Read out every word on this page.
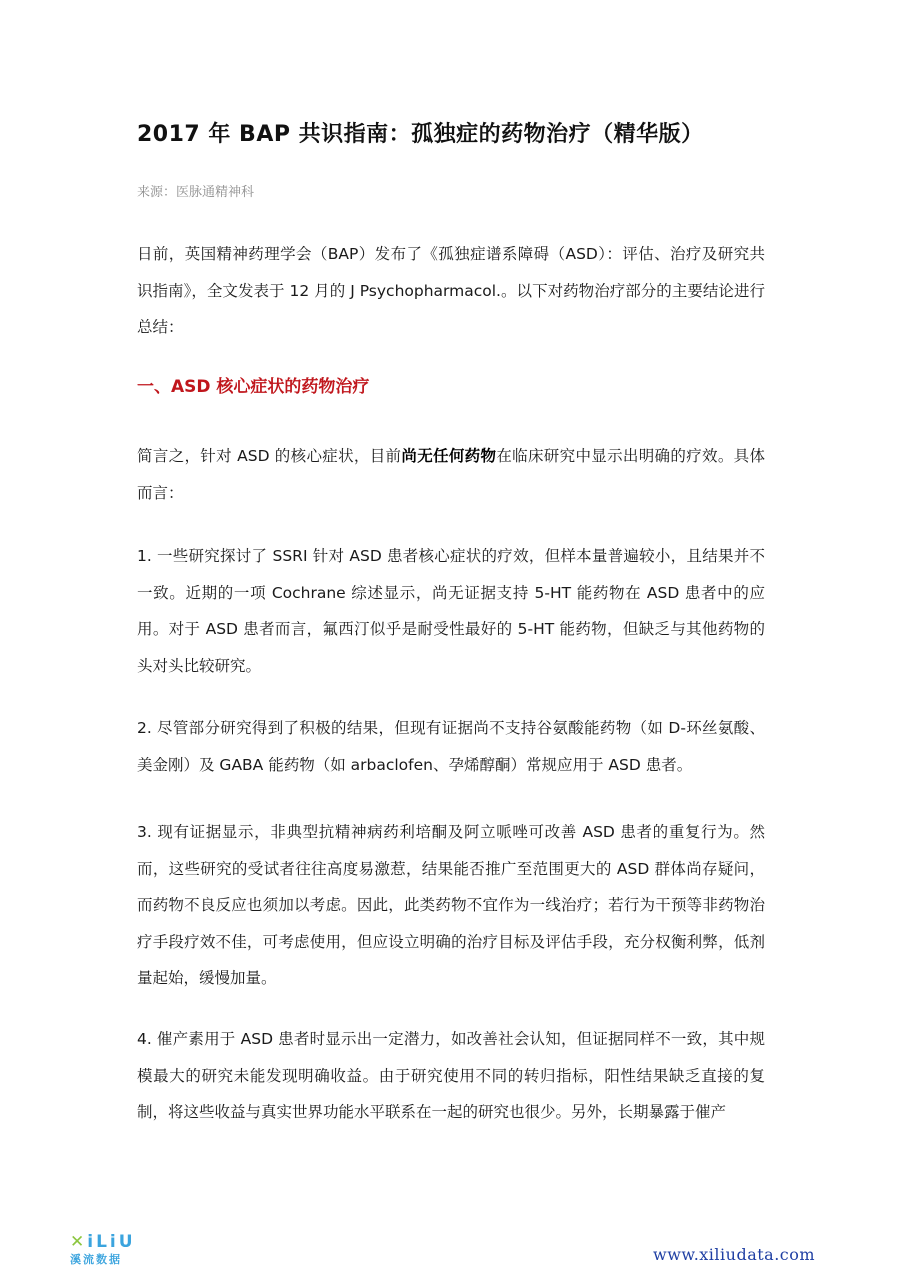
2017 年 BAP 共识指南：孤独症的药物治疗（精华版）
来源：医脉通精神科

日前，英国精神药理学会（BAP）发布了《孤独症谱系障碍（ASD）：评估、治疗及研究共识指南》，全文发表于 12 月的 J Psychopharmacol.。以下对药物治疗部分的主要结论进行总结：

一、ASD 核心症状的药物治疗

简言之，针对 ASD 的核心症状，目前尚无任何药物在临床研究中显示出明确的疗效。具体而言：

1. 一些研究探讨了 SSRI 针对 ASD 患者核心症状的疗效，但样本量普遍较小，且结果并不一致。近期的一项 Cochrane 综述显示，尚无证据支持 5-HT 能药物在 ASD 患者中的应用。对于 ASD 患者而言，氟西汀似乎是耐受性最好的 5-HT 能药物，但缺乏与其他药物的头对头比较研究。

2. 尽管部分研究得到了积极的结果，但现有证据尚不支持谷氨酸能药物（如 D-环丝氨酸、美金刚）及 GABA 能药物（如 arbaclofen、孕烯醇酮）常规应用于 ASD 患者。

3. 现有证据显示，非典型抗精神病药利培酮及阿立哌唑可改善 ASD 患者的重复行为。然而，这些研究的受试者往往高度易激惹，结果能否推广至范围更大的 ASD 群体尚存疑问，而药物不良反应也须加以考虑。因此，此类药物不宜作为一线治疗；若行为干预等非药物治疗手段疗效不佳，可考虑使用，但应设立明确的治疗目标及评估手段，充分权衡利弊，低剂量起始，缓慢加量。

4. 催产素用于 ASD 患者时显示出一定潜力，如改善社会认知，但证据同样不一致，其中规模最大的研究未能发现明确收益。由于研究使用不同的转归指标，阳性结果缺乏直接的复制，将这些收益与真实世界功能水平联系在一起的研究也很少。另外，长期暴露于催产

✕iLiU
溪流数据	www.xiliudata.com
